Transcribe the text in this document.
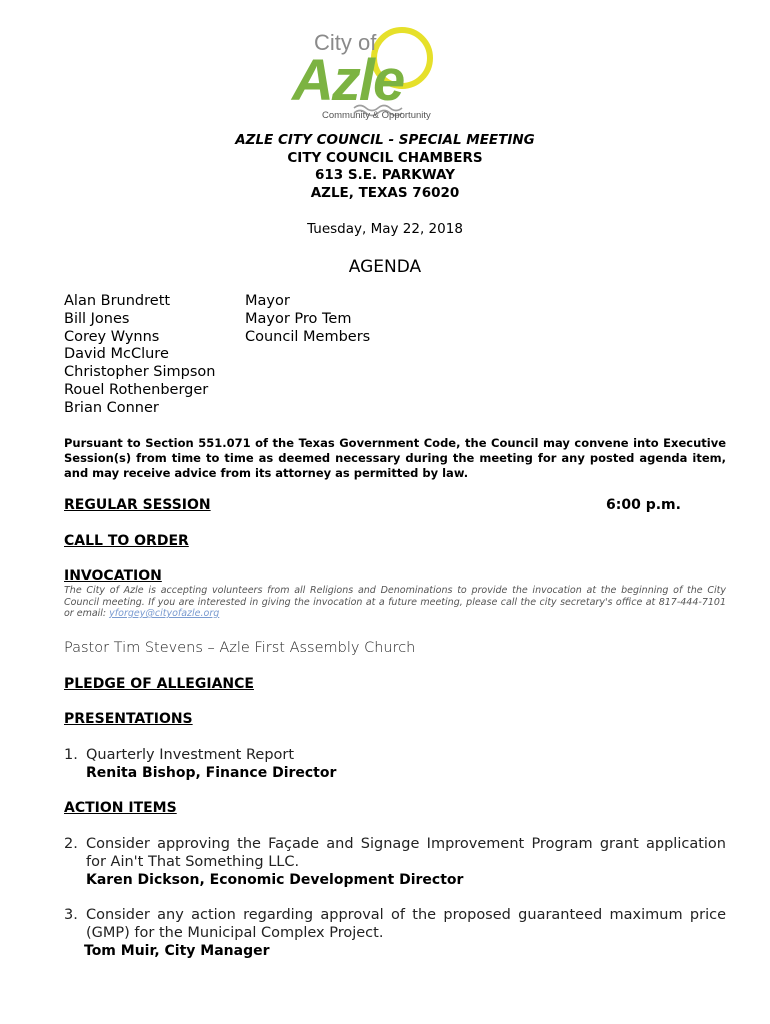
City of
Azle
Community & Opportunity
AZLE CITY COUNCIL - SPECIAL MEETING
CITY COUNCIL CHAMBERS
613 S.E. PARKWAY
AZLE, TEXAS 76020
Tuesday, May 22, 2018
AGENDA
Alan Brundrett
Bill Jones
Corey Wynns
David McClure
Christopher Simpson
Rouel Rothenberger
Brian Conner
Mayor
Mayor Pro Tem
Council Members
Pursuant to Section 551.071 of the Texas Government Code, the Council may convene into Executive Session(s) from time to time as deemed necessary during the meeting for any posted agenda item, and may receive advice from its attorney as permitted by law.
REGULAR SESSION	6:00 p.m.
CALL TO ORDER
INVOCATION
The City of Azle is accepting volunteers from all Religions and Denominations to provide the invocation at the beginning of the City Council meeting. If you are interested in giving the invocation at a future meeting, please call the city secretary's office at 817-444-7101 or email: yforgey@cityofazle.org
Pastor Tim Stevens – Azle First Assembly Church
PLEDGE OF ALLEGIANCE
PRESENTATIONS
1. Quarterly Investment Report
Renita Bishop, Finance Director
ACTION ITEMS
2. Consider approving the Façade and Signage Improvement Program grant application for Ain't That Something LLC.
Karen Dickson, Economic Development Director
3. Consider any action regarding approval of the proposed guaranteed maximum price (GMP) for the Municipal Complex Project.
Tom Muir, City Manager
